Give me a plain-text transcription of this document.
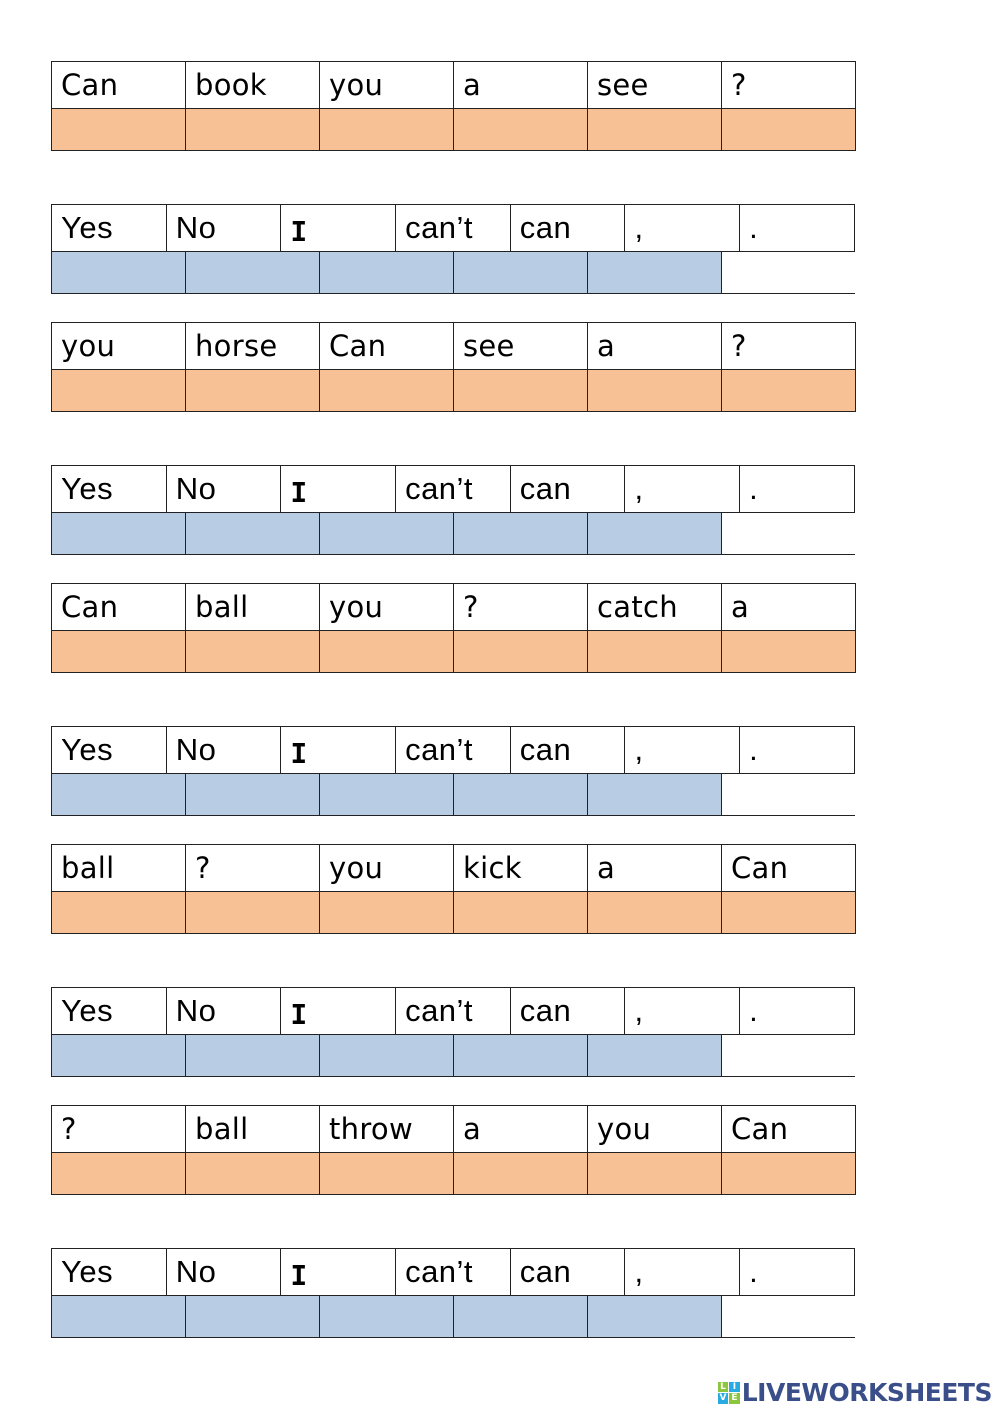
Can	book	you	a	see	?
Yes	No	I	can’t	can	,	.
you	horse	Can	see	a	?
Yes	No	I	can’t	can	,	.
Can	ball	you	?	catch	a
Yes	No	I	can’t	can	,	.
ball	?	you	kick	a	Can
Yes	No	I	can’t	can	,	.
?	ball	throw	a	you	Can
Yes	No	I	can’t	can	,	.
L I
V E LIVEWORKSHEETS
